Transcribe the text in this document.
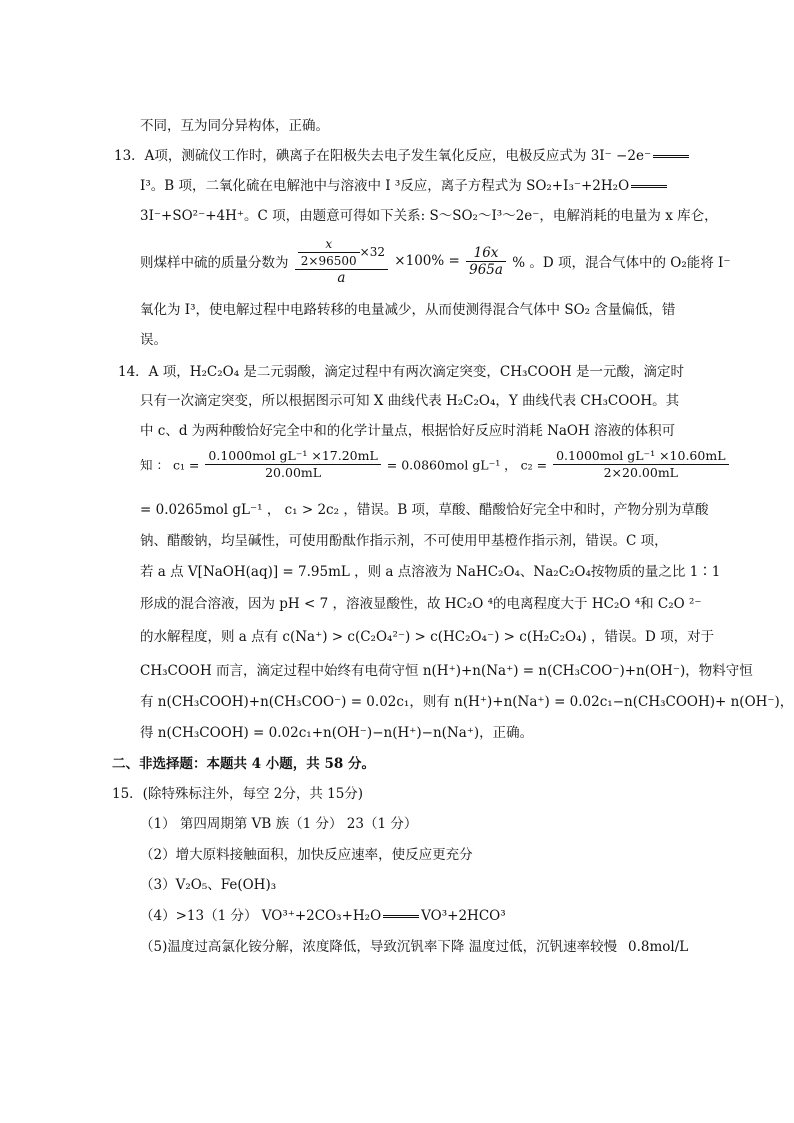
不同，互为同分异构体，正确。
13．A项，测硫仪工作时，碘离子在阳极失去电子发生氧化反应，电极反应式为 3I⁻ −2e⁻
I³。B 项，二氧化硫在电解池中与溶液中 I ³反应，离子方程式为 SO₂+I₃⁻+2H₂O
3I⁻+SO²⁻+4H⁺。C 项，由题意可得如下关系: S～SO₂～I³～2e⁻，电解消耗的电量为 x 库仑，
则煤样中硫的质量分数为 $\frac{\frac{x}{2\times 96500} \times 32}{a} \times 100\% = \frac{16x}{965a}$ % 。D 项，混合气体中的 O₂能将 I⁻
氧化为 I³，使电解过程中电路转移的电量减少，从而使测得混合气体中 SO₂ 含量偏低，错
误。
14．A 项，H₂C₂O₄ 是二元弱酸，滴定过程中有两次滴定突变，CH₃COOH 是一元酸，滴定时
只有一次滴定突变，所以根据图示可知 X 曲线代表 H₂C₂O₄，Y 曲线代表 CH₃COOH。其
中 c、d 为两种酸恰好完全中和的化学计量点，根据恰好反应时消耗 NaOH 溶液的体积可
知 ： $c_1 = \frac{\text{0.1000mol gL⁻¹ ×17.20mL}}{20.00mL} = 0.0860mol$ gL⁻¹ ， $c_2 = \frac{\text{0.1000mol gL⁻¹ ×10.60mL}}{2\times 20.00mL}$
= 0.0265mol gL⁻¹ ， c₁ > 2c₂ ，错误。B 项，草酸、醋酸恰好完全中和时，产物分别为草酸
钠、醋酸钠，均呈碱性，可使用酚酞作指示剂，不可使用甲基橙作指示剂，错误。C 项，
若 a 点 V[NaOH(aq)] = 7.95mL ，则 a 点溶液为 NaHC₂O₄、Na₂C₂O₄按物质的量之比 1∶1
形成的混合溶液，因为 pH < 7 ，溶液显酸性，故 HC₂O ⁴的电离程度大于 HC₂O ⁴和 C₂O ²⁻
的水解程度，则 a 点有 c(Na⁺) > c(C₂O₄²⁻) > c(HC₂O₄⁻) > c(H₂C₂O₄) ，错误。D 项，对于
CH₃COOH 而言，滴定过程中始终有电荷守恒 n(H⁺)+n(Na⁺) = n(CH₃COO⁻)+n(OH⁻)，物料守恒
有 n(CH₃COOH)+n(CH₃COO⁻) = 0.02c₁，则有 n(H⁺)+n(Na⁺) = 0.02c₁−n(CH₃COOH)+ n(OH⁻)，
得 n(CH₃COOH) = 0.02c₁+n(OH⁻)−n(H⁺)−n(Na⁺)，正确。
二、非选择题：本题共 4 小题，共 58 分。
15．(除特殊标注外，每空 2分，共 15分)
（1） 第四周期第 VB 族（1 分） 23（1 分）
（2）增大原料接触面积，加快反应速率，使反应更充分
（3）V₂O₅、Fe(OH)₃
（4）>13（1 分） VO³⁺+2CO₃+H₂O	VO³+2HCO³
（5)温度过高氯化铵分解，浓度降低，导致沉钒率下降 温度过低，沉钒速率较慢 0.8mol/L
